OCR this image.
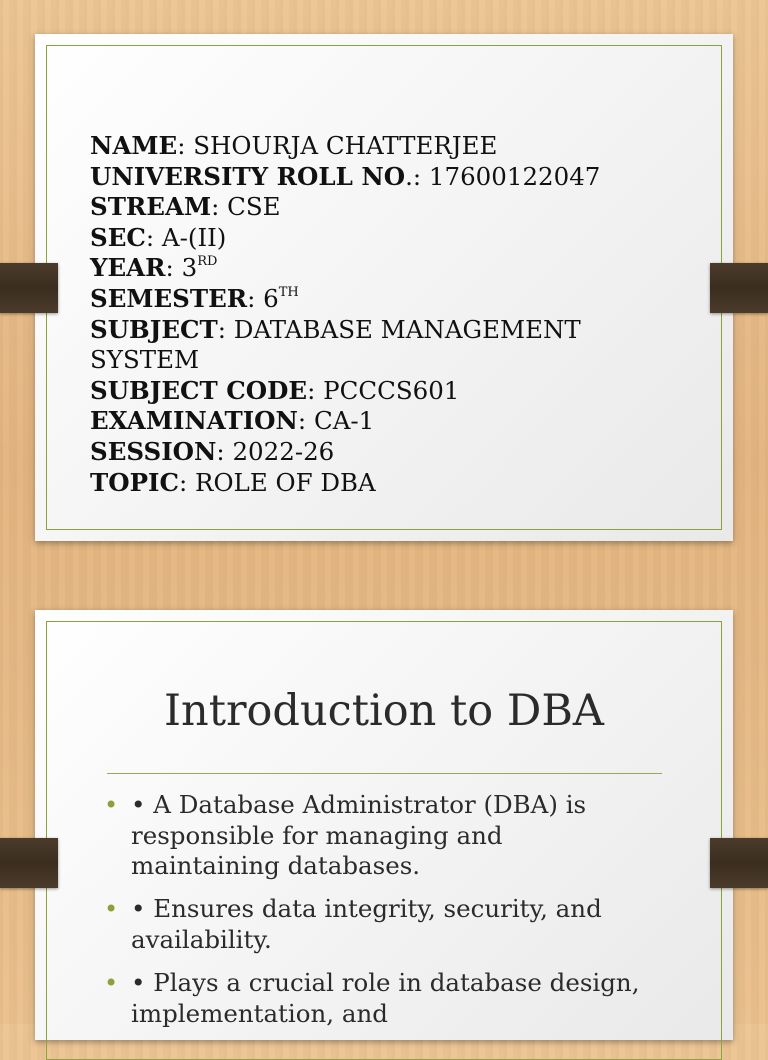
NAME: SHOURJA CHATTERJEE
UNIVERSITY ROLL NO.: 17600122047
STREAM: CSE
SEC: A-(II)
YEAR: 3RD
SEMESTER: 6TH
SUBJECT: DATABASE MANAGEMENT SYSTEM
SUBJECT CODE: PCCCS601
EXAMINATION: CA-1
SESSION: 2022-26
TOPIC: ROLE OF DBA
Introduction to DBA
• • A Database Administrator (DBA) is responsible for managing and maintaining databases.
• • Ensures data integrity, security, and availability.
• • Plays a crucial role in database design, implementation, and
